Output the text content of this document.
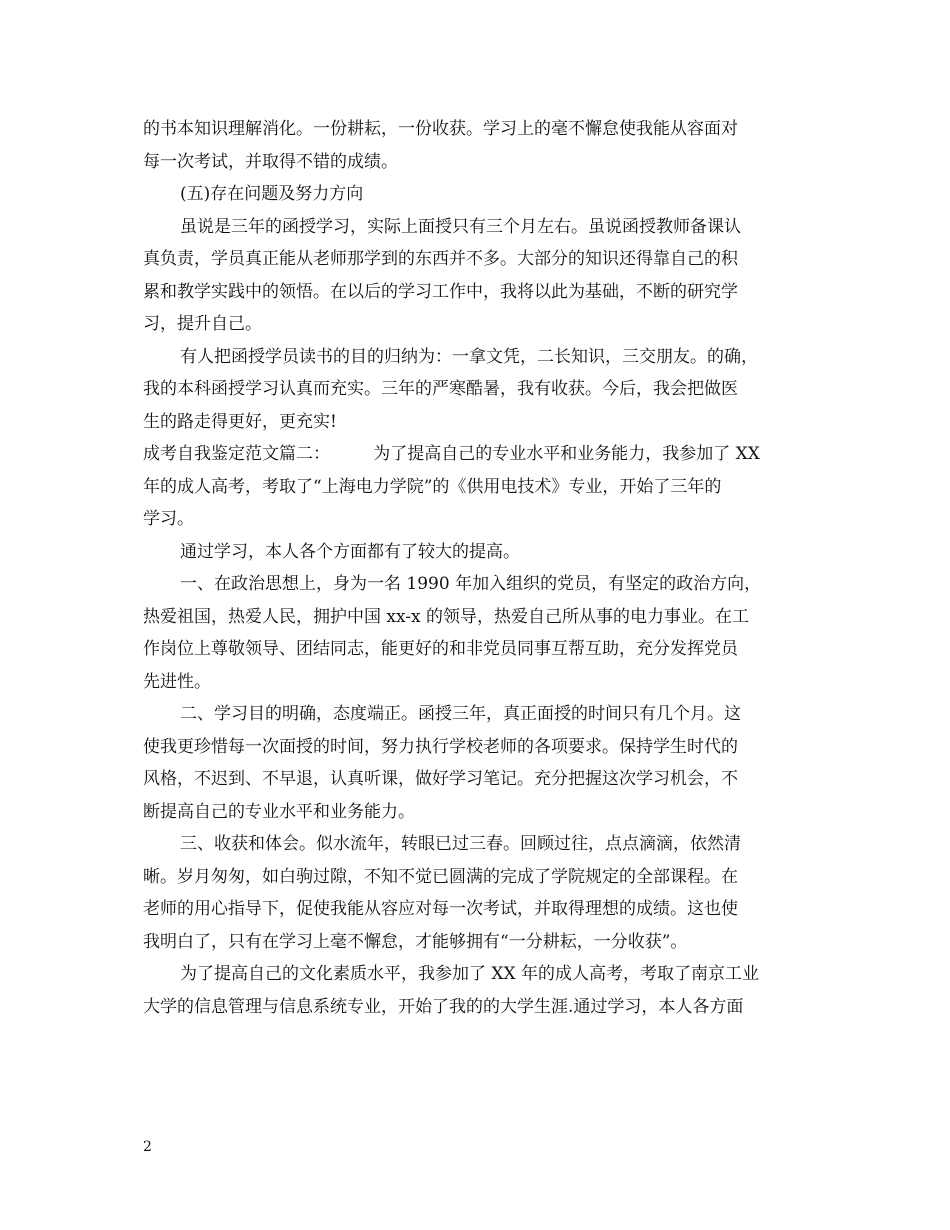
的书本知识理解消化。一份耕耘，一份收获。学习上的毫不懈怠使我能从容面对
每一次考试，并取得不错的成绩。
(五)存在问题及努力方向
虽说是三年的函授学习，实际上面授只有三个月左右。虽说函授教师备课认
真负责，学员真正能从老师那学到的东西并不多。大部分的知识还得靠自己的积
累和教学实践中的领悟。在以后的学习工作中，我将以此为基础，不断的研究学
习，提升自己。
有人把函授学员读书的目的归纳为：一拿文凭，二长知识，三交朋友。的确，
我的本科函授学习认真而充实。三年的严寒酷暑，我有收获。今后，我会把做医
生的路走得更好，更充实!
成考自我鉴定范文篇二：        为了提高自己的专业水平和业务能力，我参加了 XX
年的成人高考，考取了“上海电力学院”的《供用电技术》专业，开始了三年的
学习。
通过学习，本人各个方面都有了较大的提高。
一、在政治思想上，身为一名 1990 年加入组织的党员，有坚定的政治方向，
热爱祖国，热爱人民，拥护中国 xx-x 的领导，热爱自己所从事的电力事业。在工
作岗位上尊敬领导、团结同志，能更好的和非党员同事互帮互助，充分发挥党员
先进性。
二、学习目的明确，态度端正。函授三年，真正面授的时间只有几个月。这
使我更珍惜每一次面授的时间，努力执行学校老师的各项要求。保持学生时代的
风格，不迟到、不早退，认真听课，做好学习笔记。充分把握这次学习机会，不
断提高自己的专业水平和业务能力。
三、收获和体会。似水流年，转眼已过三春。回顾过往，点点滴滴，依然清
晰。岁月匆匆，如白驹过隙，不知不觉已圆满的完成了学院规定的全部课程。在
老师的用心指导下，促使我能从容应对每一次考试，并取得理想的成绩。这也使
我明白了，只有在学习上毫不懈怠，才能够拥有“一分耕耘，一分收获”。
为了提高自己的文化素质水平，我参加了 XX 年的成人高考，考取了南京工业
大学的信息管理与信息系统专业，开始了我的的大学生涯.通过学习，本人各方面
2
